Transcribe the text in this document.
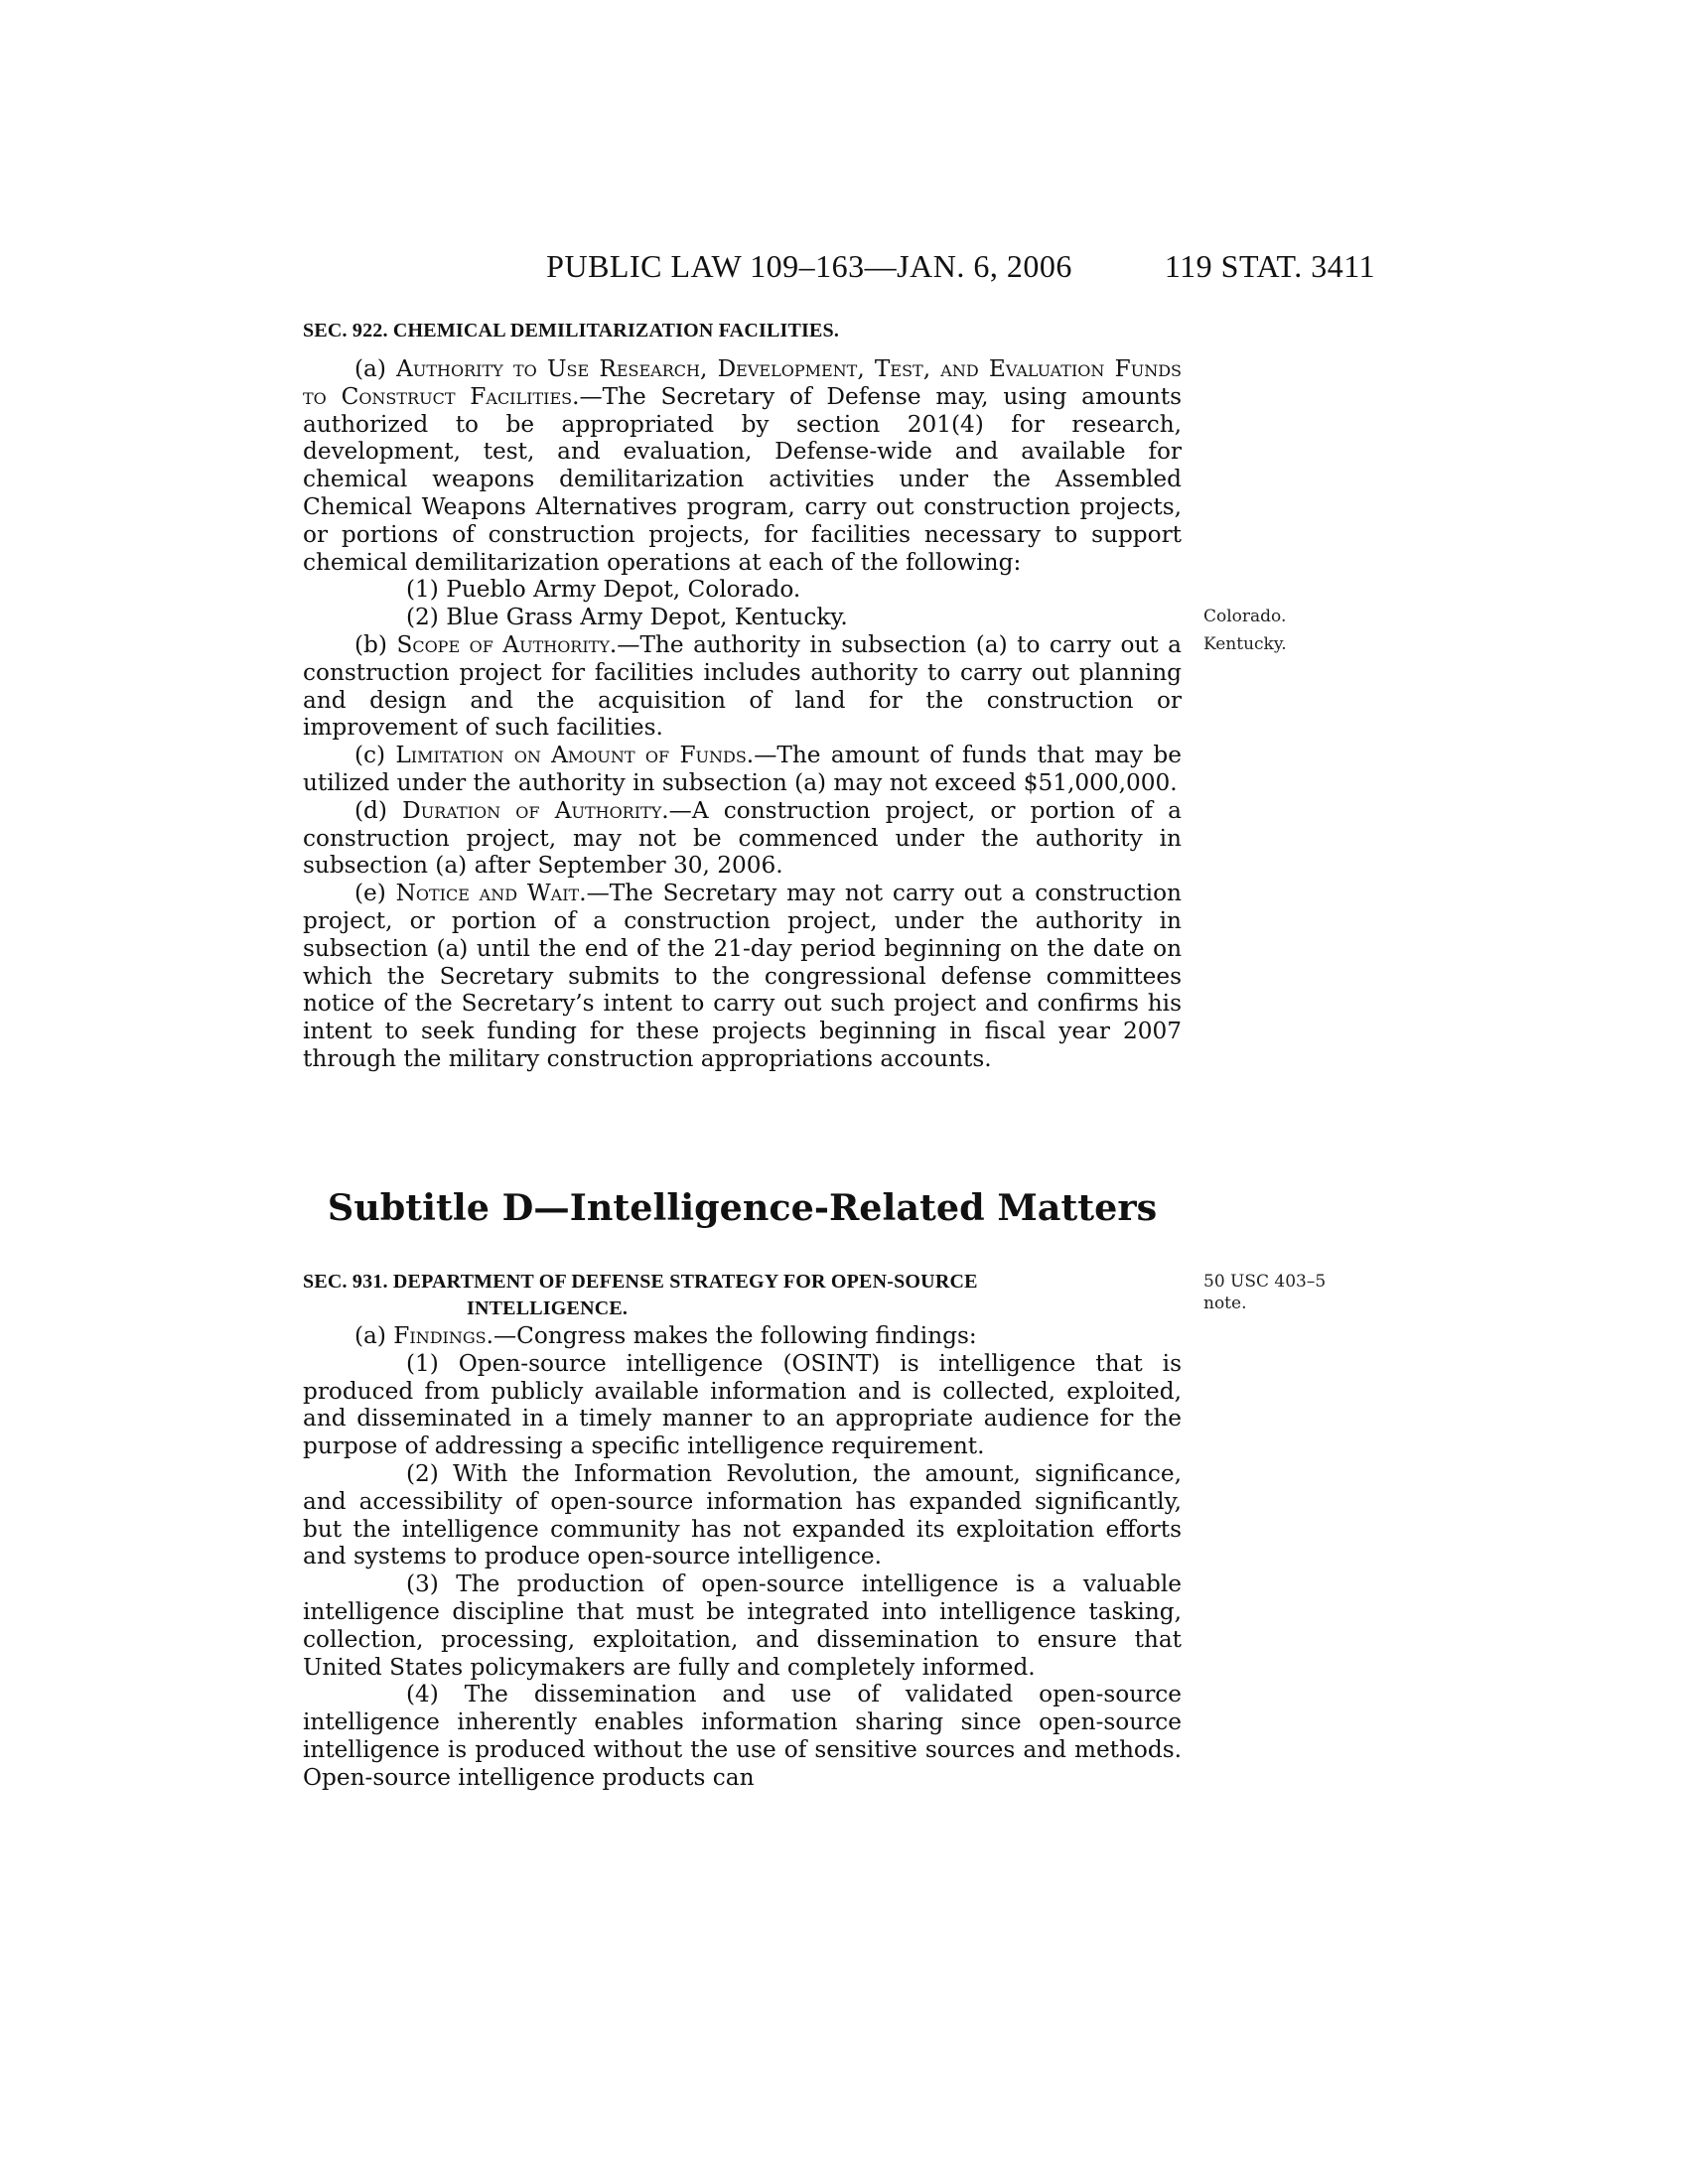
PUBLIC LAW 109–163—JAN. 6, 2006	119 STAT. 3411
SEC. 922. CHEMICAL DEMILITARIZATION FACILITIES.

(a) Authority to Use Research, Development, Test, and Evaluation Funds to Construct Facilities.—The Secretary of Defense may, using amounts authorized to be appropriated by section 201(4) for research, development, test, and evaluation, Defense-wide and available for chemical weapons demilitarization activities under the Assembled Chemical Weapons Alternatives program, carry out construction projects, or portions of construction projects, for facilities necessary to support chemical demilitarization operations at each of the following:

(1) Pueblo Army Depot, Colorado.

(2) Blue Grass Army Depot, Kentucky.

(b) Scope of Authority.—The authority in subsection (a) to carry out a construction project for facilities includes authority to carry out planning and design and the acquisition of land for the construction or improvement of such facilities.

(c) Limitation on Amount of Funds.—The amount of funds that may be utilized under the authority in subsection (a) may not exceed $51,000,000.

(d) Duration of Authority.—A construction project, or portion of a construction project, may not be commenced under the authority in subsection (a) after September 30, 2006.

(e) Notice and Wait.—The Secretary may not carry out a construction project, or portion of a construction project, under the authority in subsection (a) until the end of the 21-day period beginning on the date on which the Secretary submits to the congressional defense committees notice of the Secretary’s intent to carry out such project and confirms his intent to seek funding for these projects beginning in fiscal year 2007 through the military construction appropriations accounts.

Colorado.
Kentucky.
Subtitle D—Intelligence-Related Matters
SEC. 931. DEPARTMENT OF DEFENSE STRATEGY FOR OPEN-SOURCE
INTELLIGENCE.
50 USC 403–5
note.

(a) Findings.—Congress makes the following findings:

(1) Open-source intelligence (OSINT) is intelligence that is produced from publicly available information and is collected, exploited, and disseminated in a timely manner to an appropriate audience for the purpose of addressing a specific intelligence requirement.

(2) With the Information Revolution, the amount, significance, and accessibility of open-source information has expanded significantly, but the intelligence community has not expanded its exploitation efforts and systems to produce open-source intelligence.

(3) The production of open-source intelligence is a valuable intelligence discipline that must be integrated into intelligence tasking, collection, processing, exploitation, and dissemination to ensure that United States policymakers are fully and completely informed.

(4) The dissemination and use of validated open-source intelligence inherently enables information sharing since open-source intelligence is produced without the use of sensitive sources and methods. Open-source intelligence products can
